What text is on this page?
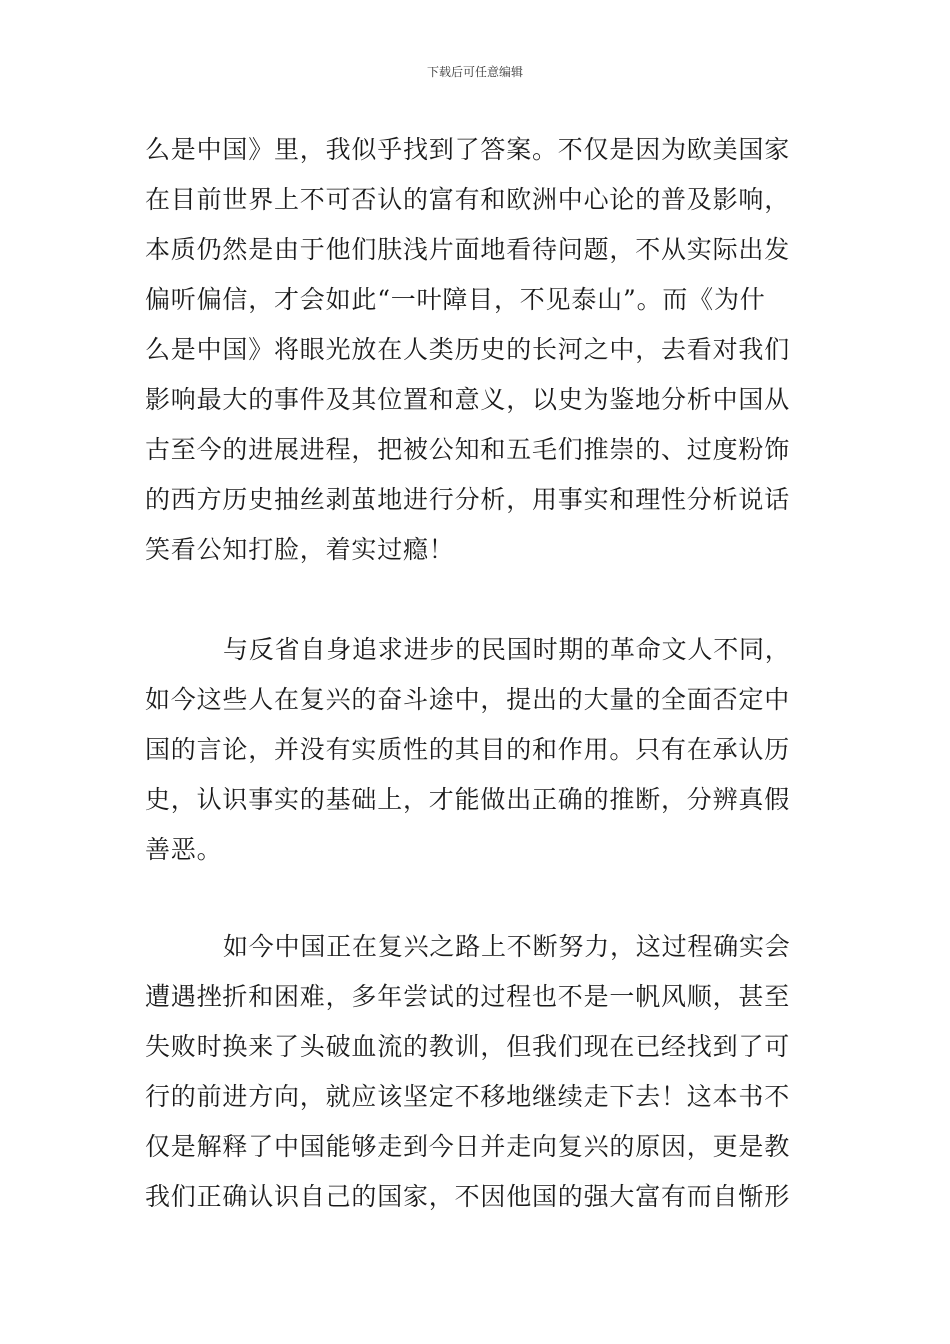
下载后可任意编辑
么是中国》里，我似乎找到了答案。不仅是因为欧美国家
在目前世界上不可否认的富有和欧洲中心论的普及影响，
本质仍然是由于他们肤浅片面地看待问题，不从实际出发
偏听偏信，才会如此“一叶障目，不见泰山”。而《为什
么是中国》将眼光放在人类历史的长河之中，去看对我们
影响最大的事件及其位置和意义，以史为鉴地分析中国从
古至今的进展进程，把被公知和五毛们推崇的、过度粉饰
的西方历史抽丝剥茧地进行分析，用事实和理性分析说话
笑看公知打脸，着实过瘾！
与反省自身追求进步的民国时期的革命文人不同，
如今这些人在复兴的奋斗途中，提出的大量的全面否定中
国的言论，并没有实质性的其目的和作用。只有在承认历
史，认识事实的基础上，才能做出正确的推断，分辨真假
善恶。
如今中国正在复兴之路上不断努力，这过程确实会
遭遇挫折和困难，多年尝试的过程也不是一帆风顺，甚至
失败时换来了头破血流的教训，但我们现在已经找到了可
行的前进方向，就应该坚定不移地继续走下去！这本书不
仅是解释了中国能够走到今日并走向复兴的原因，更是教
我们正确认识自己的国家，不因他国的强大富有而自惭形
